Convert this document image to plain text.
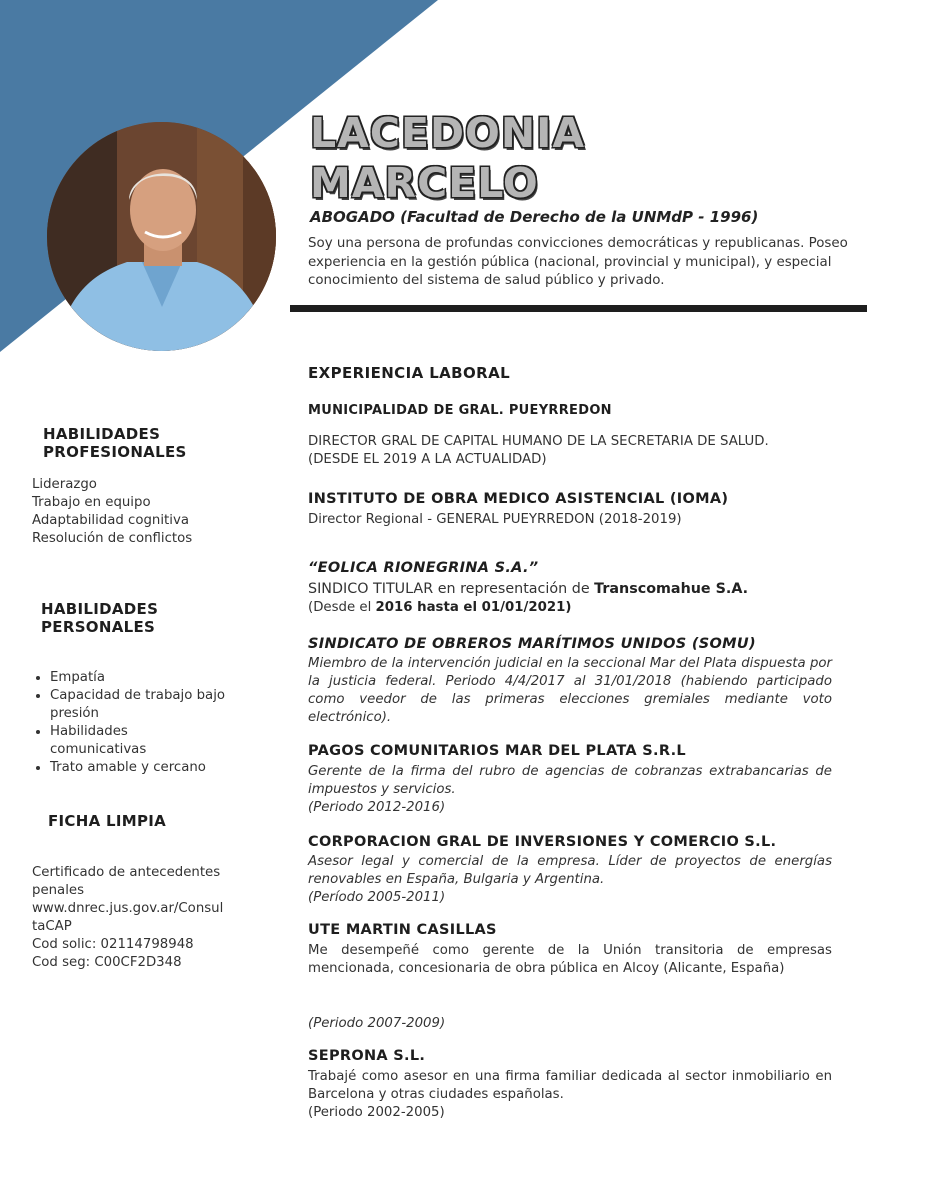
LACEDONIA
MARCELO
ABOGADO (Facultad de Derecho de la UNMdP - 1996)
Soy una persona de profundas convicciones democráticas y republicanas. Poseo experiencia en la gestión pública (nacional, provincial y municipal), y especial conocimiento del sistema de salud público y privado.
HABILIDADES
PROFESIONALES
Liderazgo
Trabajo en equipo
Adaptabilidad cognitiva
Resolución de conflictos
HABILIDADES
PERSONALES
• Empatía
• Capacidad de trabajo bajo presión
• Habilidades comunicativas
• Trato amable y cercano
FICHA LIMPIA
Certificado de antecedentes
penales
www.dnrec.jus.gov.ar/Consul
taCAP
Cod solic: 02114798948
Cod seg: C00CF2D348
EXPERIENCIA LABORAL
MUNICIPALIDAD DE GRAL. PUEYRREDON
DIRECTOR GRAL DE CAPITAL HUMANO DE LA SECRETARIA DE SALUD. (DESDE EL 2019 A LA ACTUALIDAD)
INSTITUTO DE OBRA MEDICO ASISTENCIAL (IOMA)
Director Regional - GENERAL PUEYRREDON (2018-2019)
“EOLICA RIONEGRINA S.A.”
SINDICO TITULAR en representación de Transcomahue S.A.
(Desde el 2016 hasta el 01/01/2021)
SINDICATO DE OBREROS MARÍTIMOS UNIDOS (SOMU)
Miembro de la intervención judicial en la seccional Mar del Plata dispuesta por la justicia federal. Periodo 4/4/2017 al 31/01/2018 (habiendo participado como veedor de las primeras elecciones gremiales mediante voto electrónico).
PAGOS COMUNITARIOS MAR DEL PLATA S.R.L
Gerente de la firma del rubro de agencias de cobranzas extrabancarias de impuestos y servicios.
(Periodo 2012-2016)
CORPORACION GRAL DE INVERSIONES Y COMERCIO S.L.
Asesor legal y comercial de la empresa. Líder de proyectos de energías renovables en España, Bulgaria y Argentina.
(Período 2005-2011)
UTE MARTIN CASILLAS
Me desempeñé como gerente de la Unión transitoria de empresas mencionada, concesionaria de obra pública en Alcoy (Alicante, España)
(Periodo 2007-2009)
SEPRONA S.L.
Trabajé como asesor en una firma familiar dedicada al sector inmobiliario en Barcelona y otras ciudades españolas.
(Periodo 2002-2005)
